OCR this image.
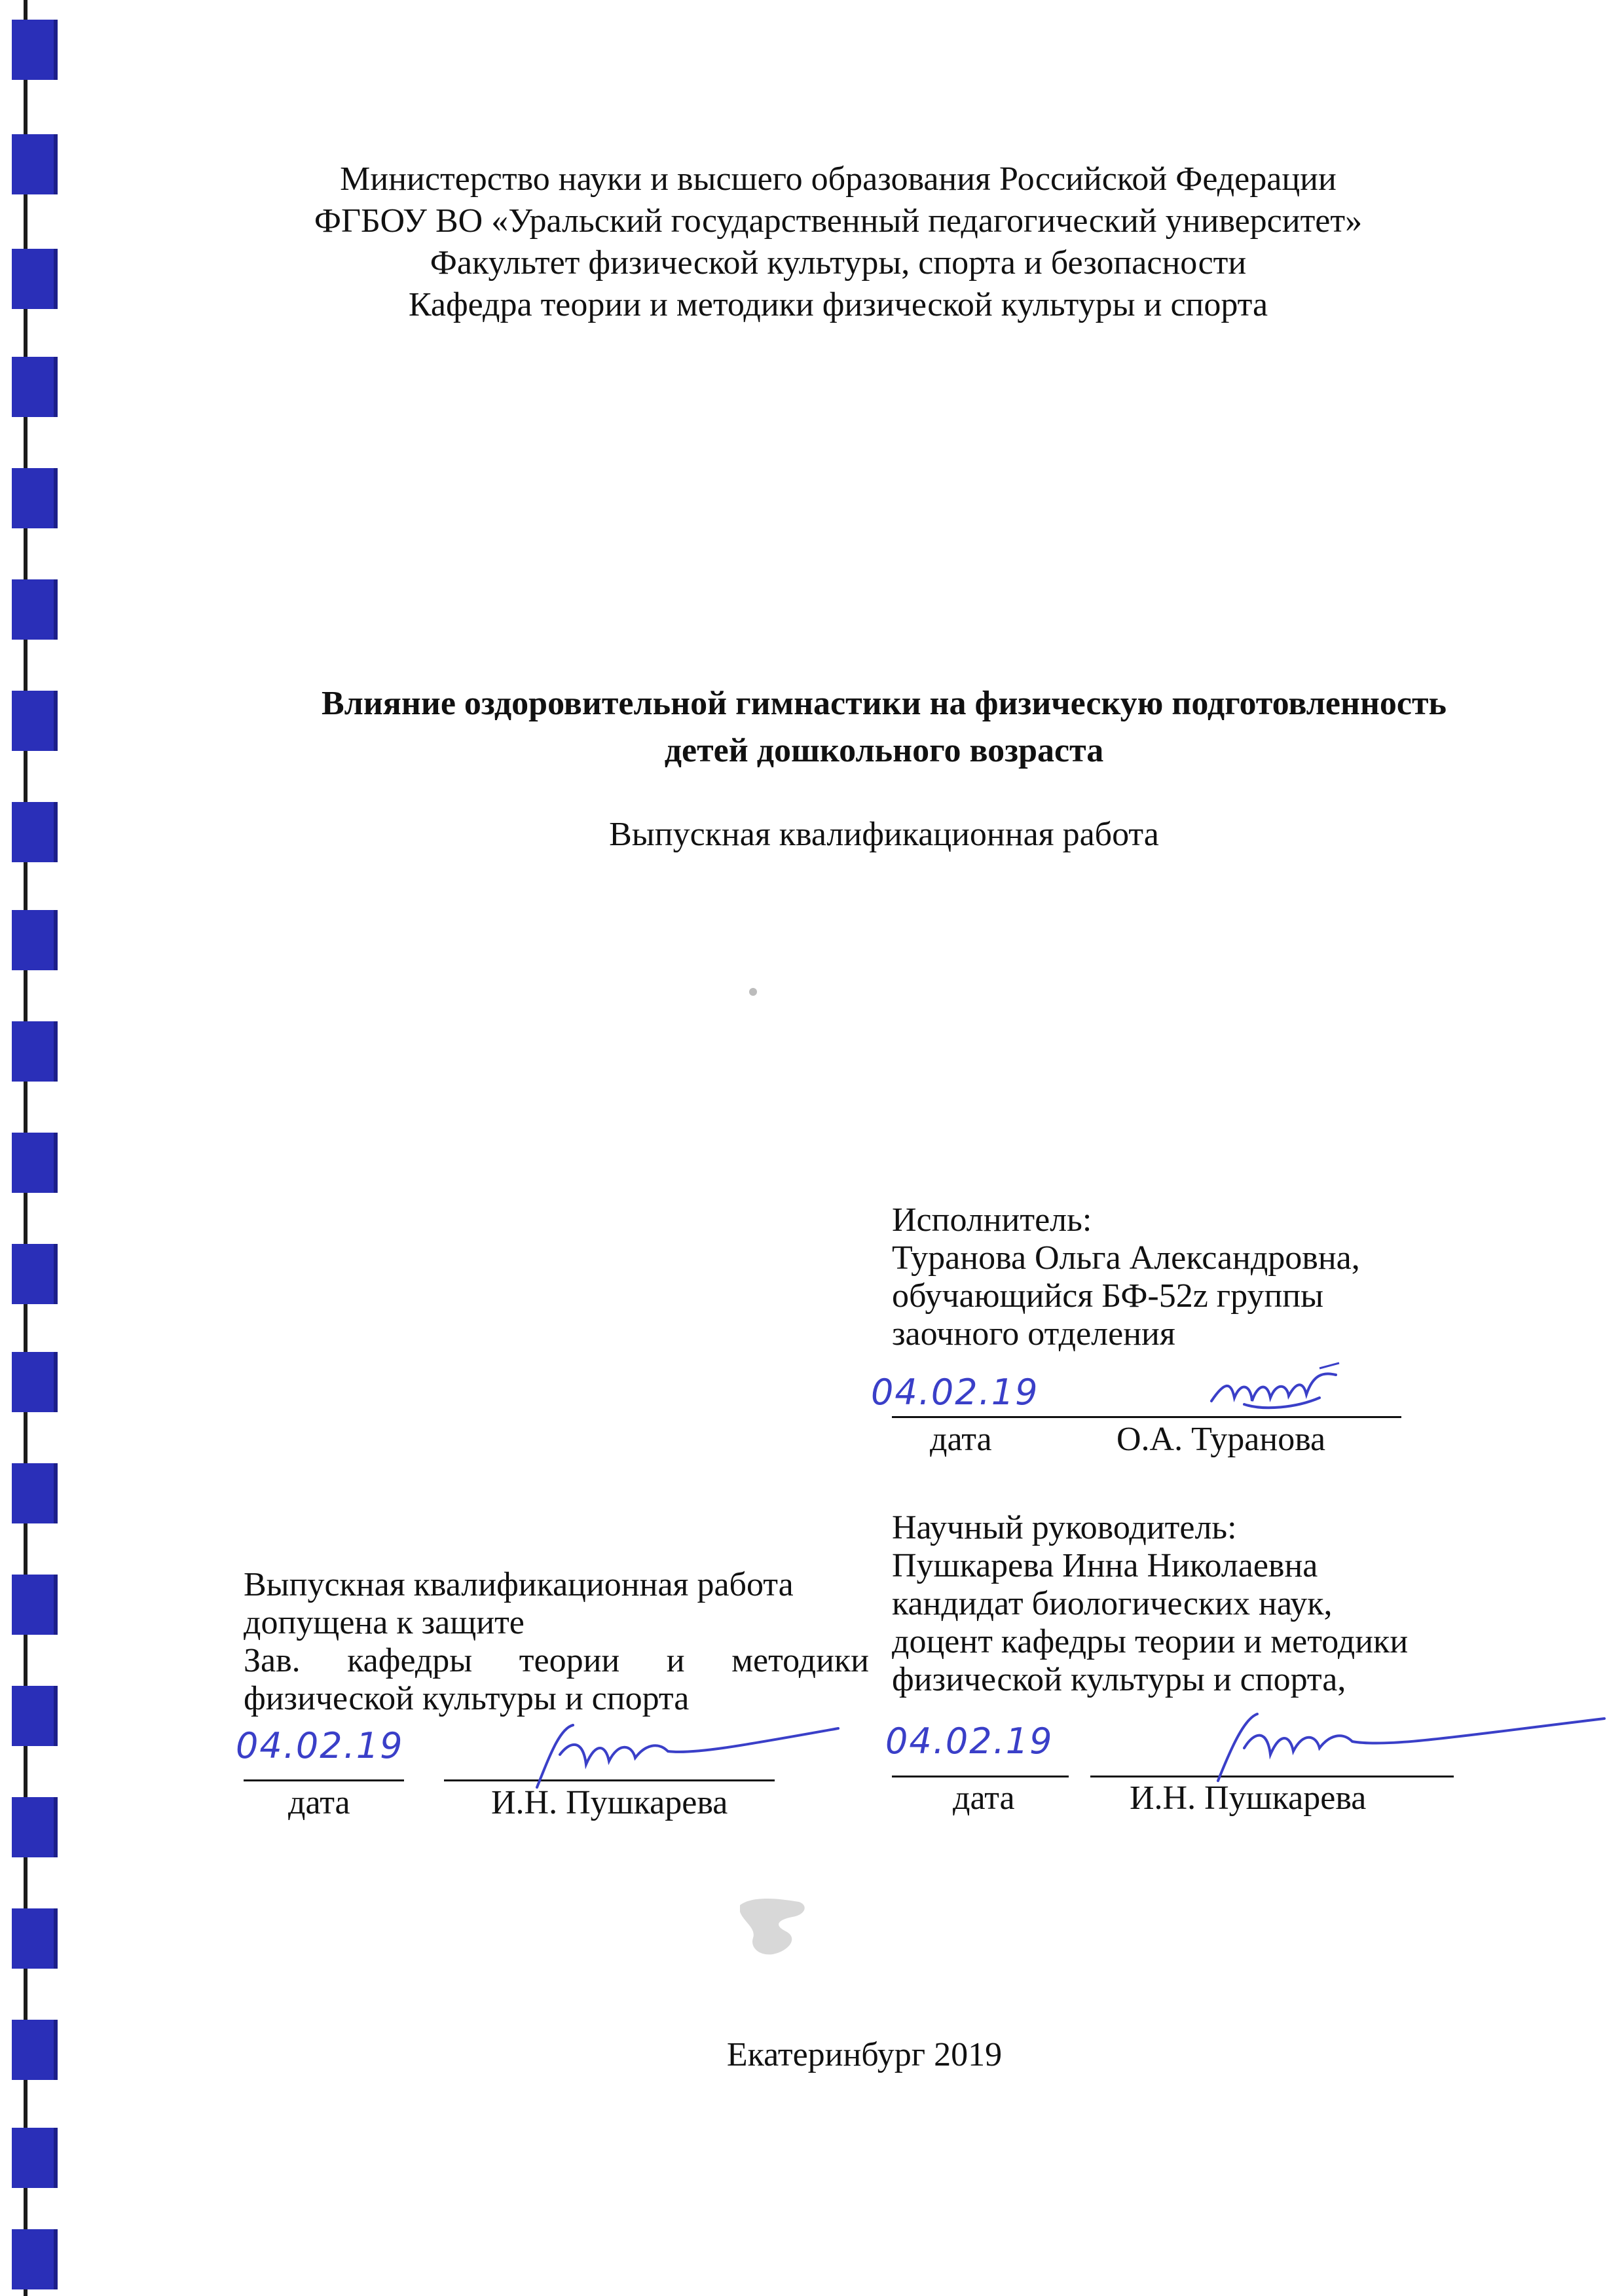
Министерство науки и высшего образования Российской Федерации
ФГБОУ ВО «Уральский государственный педагогический университет»
Факультет физической культуры, спорта и безопасности
Кафедра теории и методики физической культуры и спорта
Влияние оздоровительной гимнастики на физическую подготовленность
детей дошкольного возраста
Выпускная квалификационная работа
Исполнитель:
Туранова Ольга Александровна,
обучающийся БФ-52z группы
заочного отделения
04.02.19
дата	О.А. Туранова
Научный руководитель:
Пушкарева Инна Николаевна
кандидат биологических наук,
доцент кафедры теории и методики
физической культуры и спорта,
Выпускная квалификационная работа
допущена к защите
Зав. кафедры теории и методики
физической культуры и спорта
04.02.19
дата	И.Н. Пушкарева
04.02.19
дата	И.Н. Пушкарева
Екатеринбург 2019
